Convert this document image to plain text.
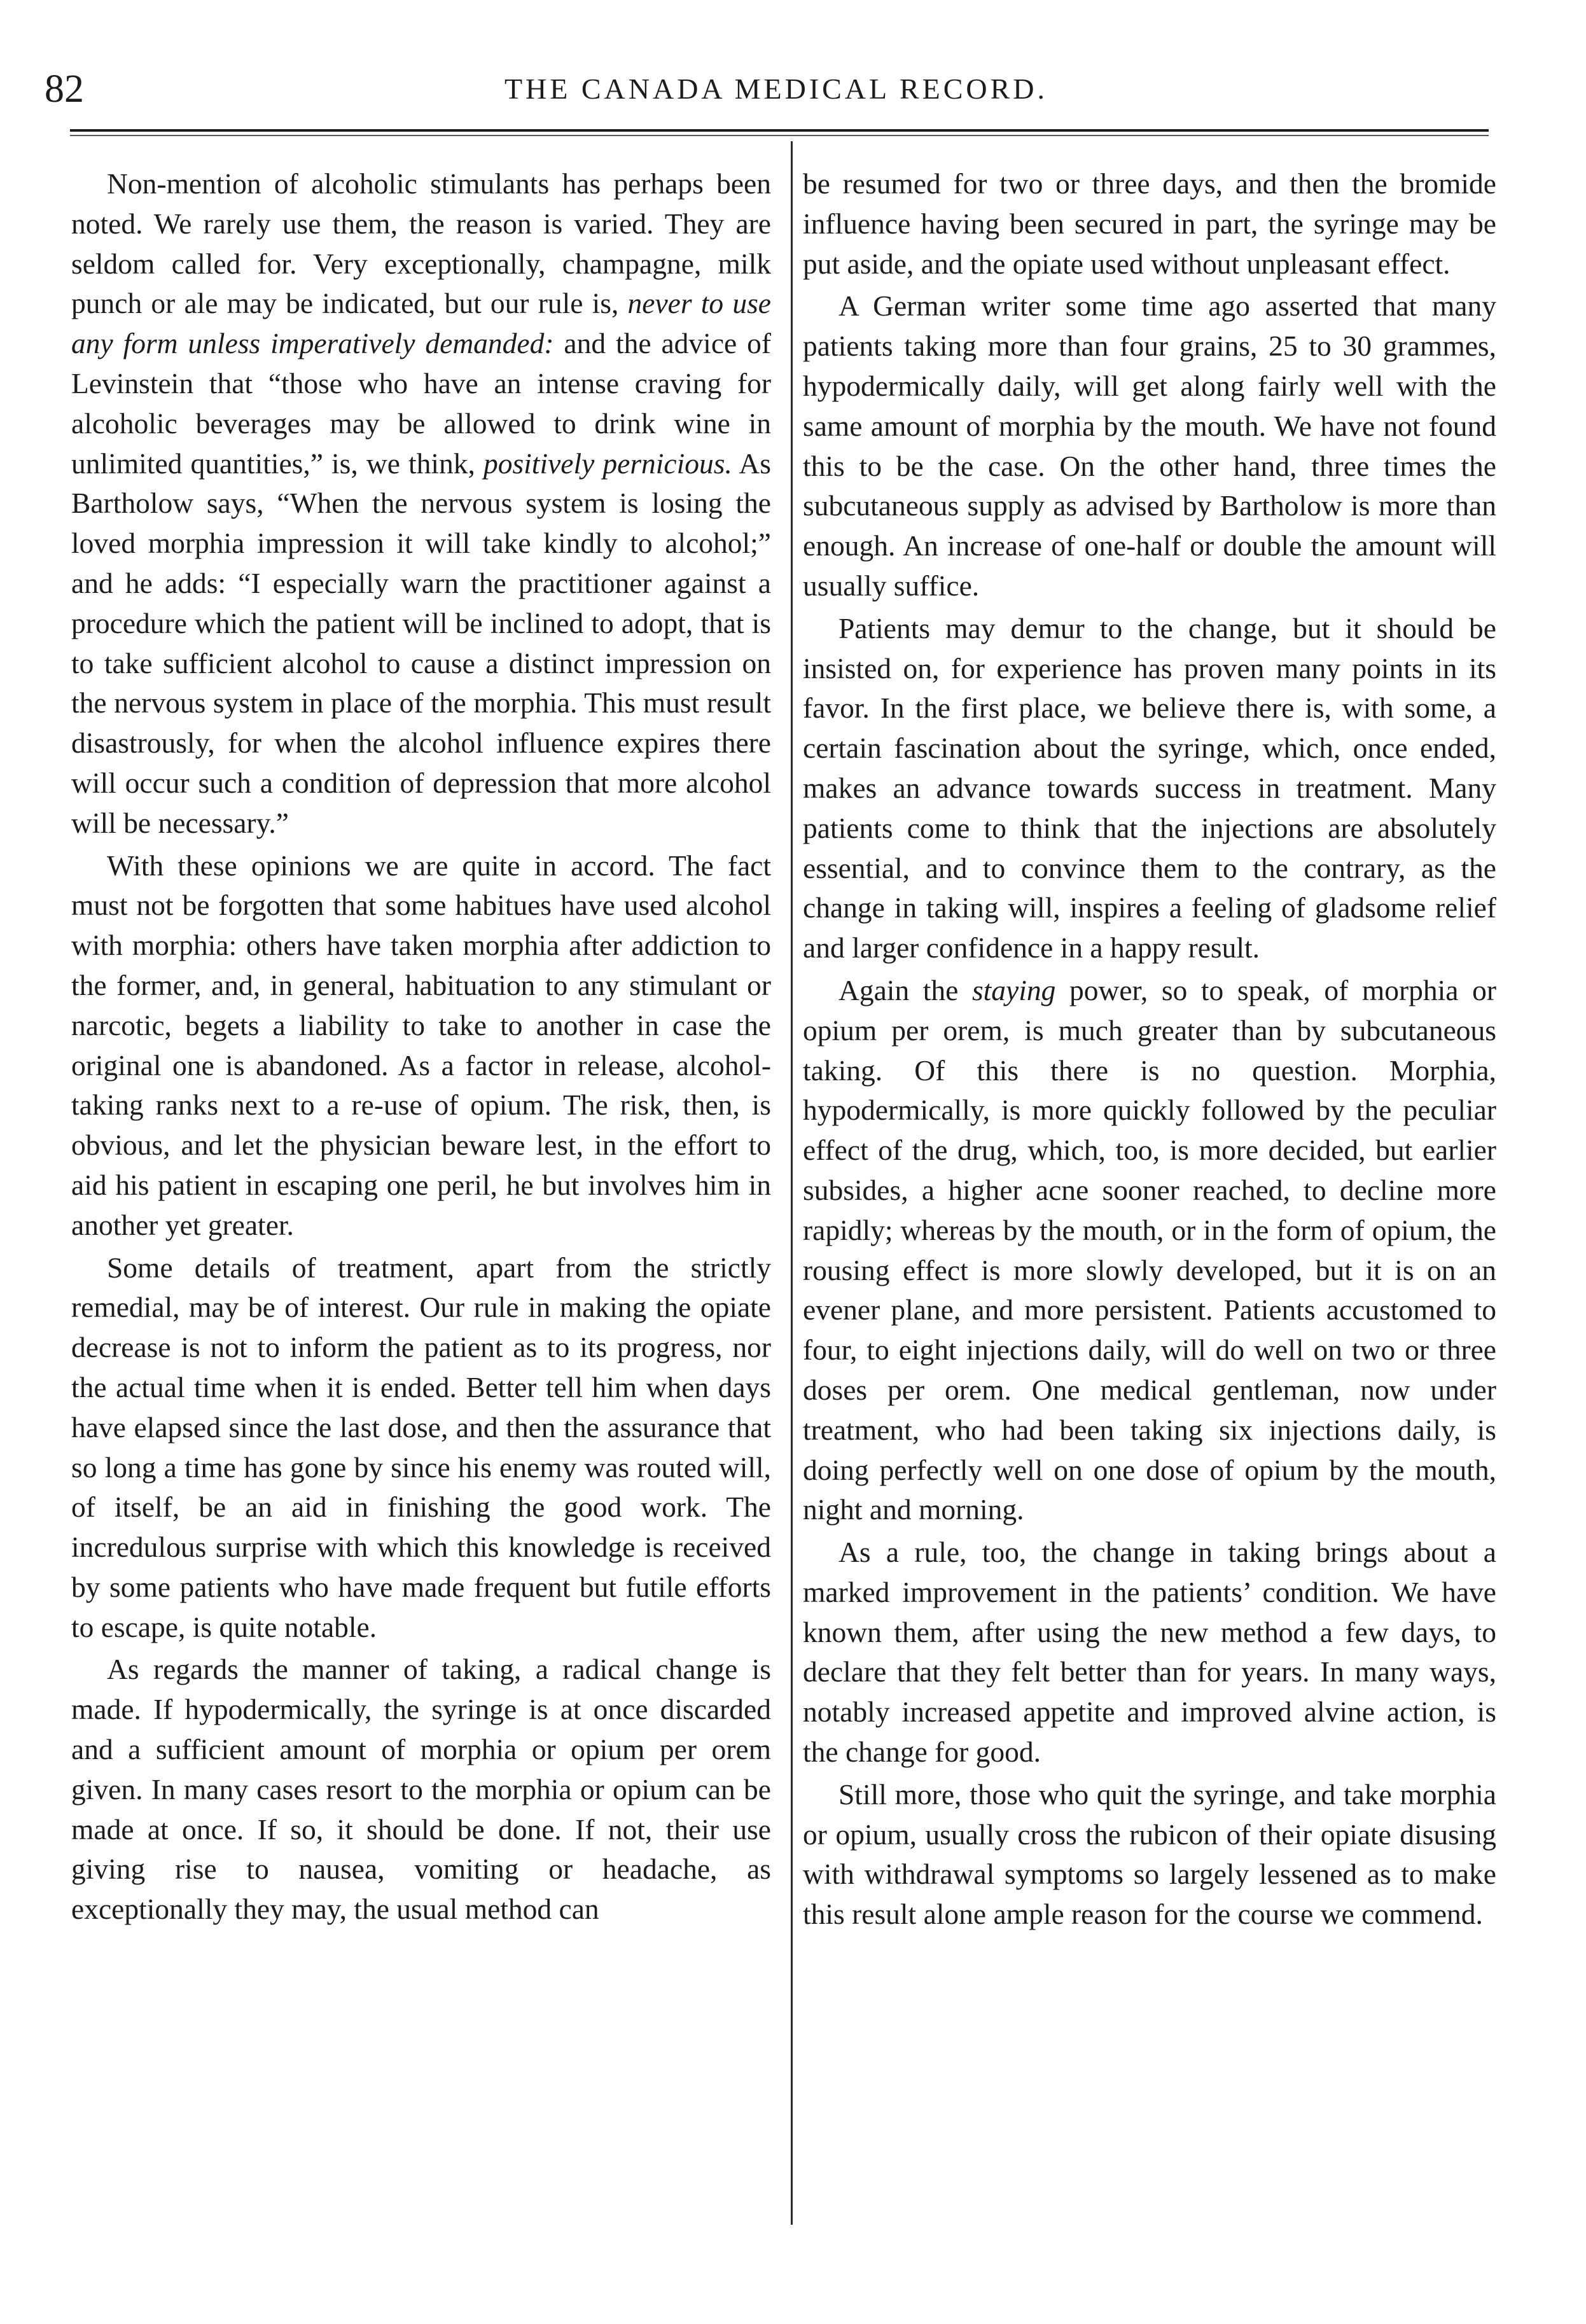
82	THE CANADA MEDICAL RECORD.

Non-mention of alcoholic stimulants has perhaps been noted. We rarely use them, the reason is varied. They are seldom called for. Very exceptionally, champagne, milk punch or ale may be indicated, but our rule is, never to use any form unless imperatively demanded: and the advice of Levinstein that “those who have an intense craving for alcoholic beverages may be allowed to drink wine in unlimited quantities,” is, we think, positively pernicious. As Bartholow says, “When the nervous system is losing the loved morphia impression it will take kindly to alcohol;” and he adds: “I especially warn the practitioner against a procedure which the patient will be inclined to adopt, that is to take sufficient alcohol to cause a distinct impression on the nervous system in place of the morphia. This must result disastrously, for when the alcohol influence expires there will occur such a condition of depression that more alcohol will be necessary.”

With these opinions we are quite in accord. The fact must not be forgotten that some habitues have used alcohol with morphia: others have taken morphia after addiction to the former, and, in general, habituation to any stimulant or narcotic, begets a liability to take to another in case the original one is abandoned. As a factor in release, alcohol-taking ranks next to a re-use of opium. The risk, then, is obvious, and let the physician beware lest, in the effort to aid his patient in escaping one peril, he but involves him in another yet greater.

Some details of treatment, apart from the strictly remedial, may be of interest. Our rule in making the opiate decrease is not to inform the patient as to its progress, nor the actual time when it is ended. Better tell him when days have elapsed since the last dose, and then the assurance that so long a time has gone by since his enemy was routed will, of itself, be an aid in finishing the good work. The incredulous surprise with which this knowledge is received by some patients who have made frequent but futile efforts to escape, is quite notable.

As regards the manner of taking, a radical change is made. If hypodermically, the syringe is at once discarded and a sufficient amount of morphia or opium per orem given. In many cases resort to the morphia or opium can be made at once. If so, it should be done. If not, their use giving rise to nausea, vomiting or headache, as exceptionally they may, the usual method can

be resumed for two or three days, and then the bromide influence having been secured in part, the syringe may be put aside, and the opiate used without unpleasant effect.

A German writer some time ago asserted that many patients taking more than four grains, 25 to 30 grammes, hypodermically daily, will get along fairly well with the same amount of morphia by the mouth. We have not found this to be the case. On the other hand, three times the subcutaneous supply as advised by Bartholow is more than enough. An increase of one-half or double the amount will usually suffice.

Patients may demur to the change, but it should be insisted on, for experience has proven many points in its favor. In the first place, we believe there is, with some, a certain fascination about the syringe, which, once ended, makes an advance towards success in treatment. Many patients come to think that the injections are absolutely essential, and to convince them to the contrary, as the change in taking will, inspires a feeling of gladsome relief and larger confidence in a happy result.

Again the staying power, so to speak, of morphia or opium per orem, is much greater than by subcutaneous taking. Of this there is no question. Morphia, hypodermically, is more quickly followed by the peculiar effect of the drug, which, too, is more decided, but earlier subsides, a higher acne sooner reached, to decline more rapidly; whereas by the mouth, or in the form of opium, the rousing effect is more slowly developed, but it is on an evener plane, and more persistent. Patients accustomed to four, to eight injections daily, will do well on two or three doses per orem. One medical gentleman, now under treatment, who had been taking six injections daily, is doing perfectly well on one dose of opium by the mouth, night and morning.

As a rule, too, the change in taking brings about a marked improvement in the patients’ condition. We have known them, after using the new method a few days, to declare that they felt better than for years. In many ways, notably increased appetite and improved alvine action, is the change for good.

Still more, those who quit the syringe, and take morphia or opium, usually cross the rubicon of their opiate disusing with withdrawal symptoms so largely lessened as to make this result alone ample reason for the course we commend.
